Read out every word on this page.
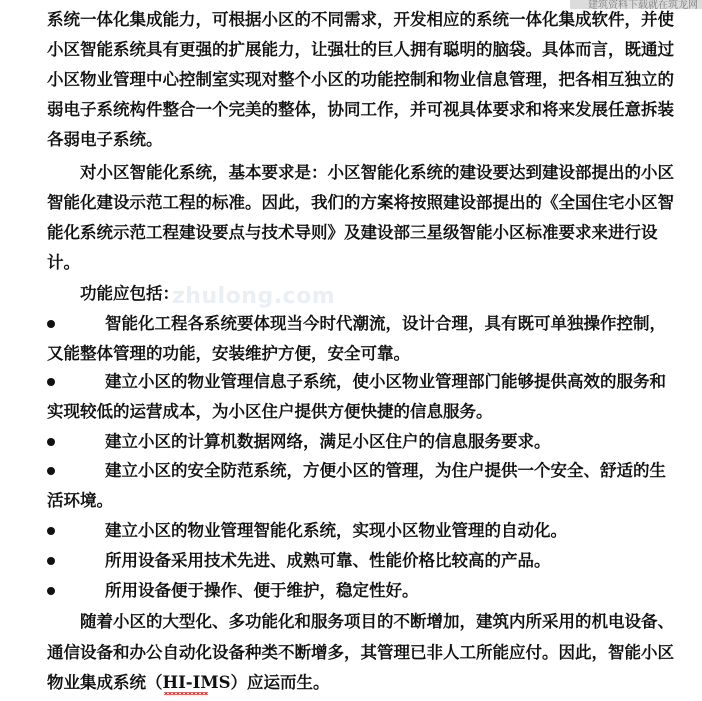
建筑资料下载就在筑龙网
zhulong.com
系统一体化集成能力，可根据小区的不同需求，开发相应的系统一体化集成软件，并使
小区智能系统具有更强的扩展能力，让强壮的巨人拥有聪明的脑袋。具体而言，既通过
小区物业管理中心控制室实现对整个小区的功能控制和物业信息管理，把各相互独立的
弱电子系统构件整合一个完美的整体，协同工作，并可视具体要求和将来发展任意拆装
各弱电子系统。
对小区智能化系统，基本要求是：小区智能化系统的建设要达到建设部提出的小区
智能化建设示范工程的标准。因此，我们的方案将按照建设部提出的《全国住宅小区智
能化系统示范工程建设要点与技术导则》及建设部三星级智能小区标准要求来进行设
计。
功能应包括：
智能化工程各系统要体现当今时代潮流，设计合理，具有既可单独操作控制，
又能整体管理的功能，安装维护方便，安全可靠。
建立小区的物业管理信息子系统，使小区物业管理部门能够提供高效的服务和
实现较低的运营成本，为小区住户提供方便快捷的信息服务。
建立小区的计算机数据网络，满足小区住户的信息服务要求。
建立小区的安全防范系统，方便小区的管理，为住户提供一个安全、舒适的生
活环境。
建立小区的物业管理智能化系统，实现小区物业管理的自动化。
所用设备采用技术先进、成熟可靠、性能价格比较高的产品。
所用设备便于操作、便于维护，稳定性好。
随着小区的大型化、多功能化和服务项目的不断增加，建筑内所采用的机电设备、
通信设备和办公自动化设备种类不断增多，其管理已非人工所能应付。因此，智能小区
物业集成系统（HI-IMS）应运而生。
